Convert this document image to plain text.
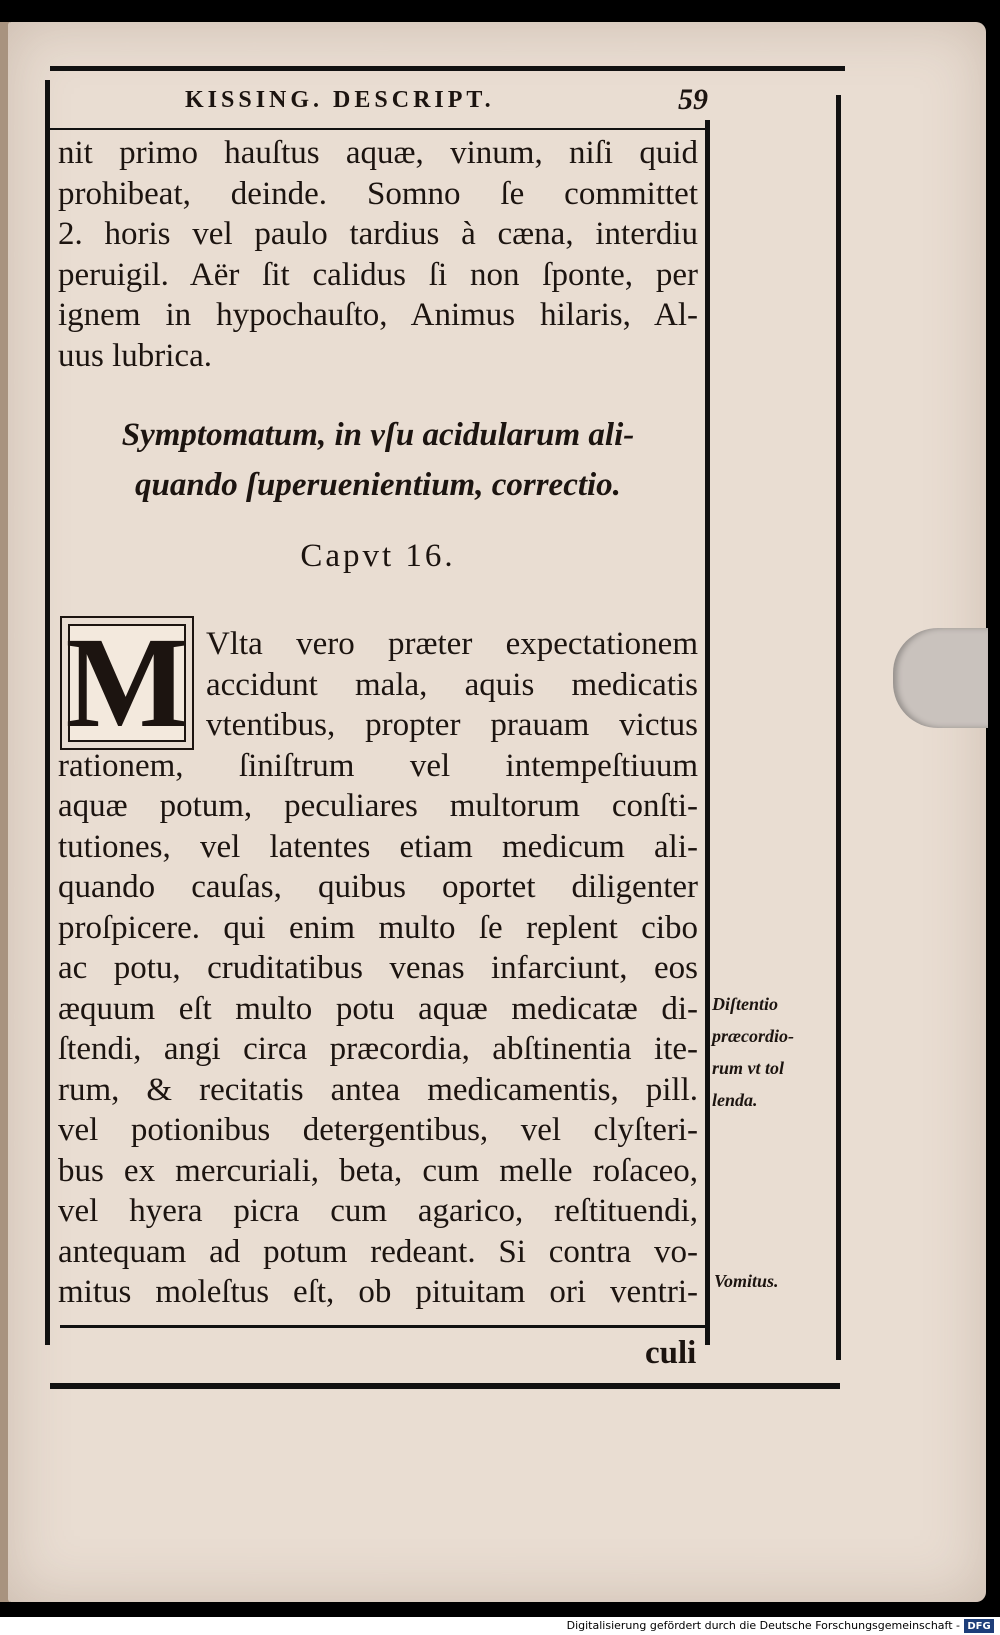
KISSING. DESCRIPT.	59
nit primo hauſtus aquæ, vinum, niſi quid
prohibeat, deinde. Somno ſe committet
2. horis vel paulo tardius à cæna, interdiu
peruigil. Aër ſit calidus ſi non ſponte, per
ignem in hypochauſto, Animus hilaris, Al-
uus lubrica.
Symptomatum, in vſu acidularum ali-
quando ſuperuenientium, correctio.
Capvt 16.
M Vlta vero præter expectationem
accidunt mala, aquis medicatis
vtentibus, propter prauam victus
rationem, ſiniſtrum vel intempeſtiuum
aquæ potum, peculiares multorum conſti-
tutiones, vel latentes etiam medicum ali-
quando cauſas, quibus oportet diligenter
proſpicere. qui enim multo ſe replent cibo
ac potu, cruditatibus venas infarciunt, eos
æquum eſt multo potu aquæ medicatæ di-
ſtendi, angi circa præcordia, abſtinentia ite-
rum, & recitatis antea medicamentis, pill.
vel potionibus detergentibus, vel clyſteri-
bus ex mercuriali, beta, cum melle roſaceo,
vel hyera picra cum agarico, reſtituendi,
antequam ad potum redeant. Si contra vo-
mitus moleſtus eſt, ob pituitam ori ventri-
Diſtentio
præcordio-
rum vt tol
lenda.
Vomitus.
culi
Digitalisierung gefördert durch die Deutsche Forschungsgemeinschaft - DFG
